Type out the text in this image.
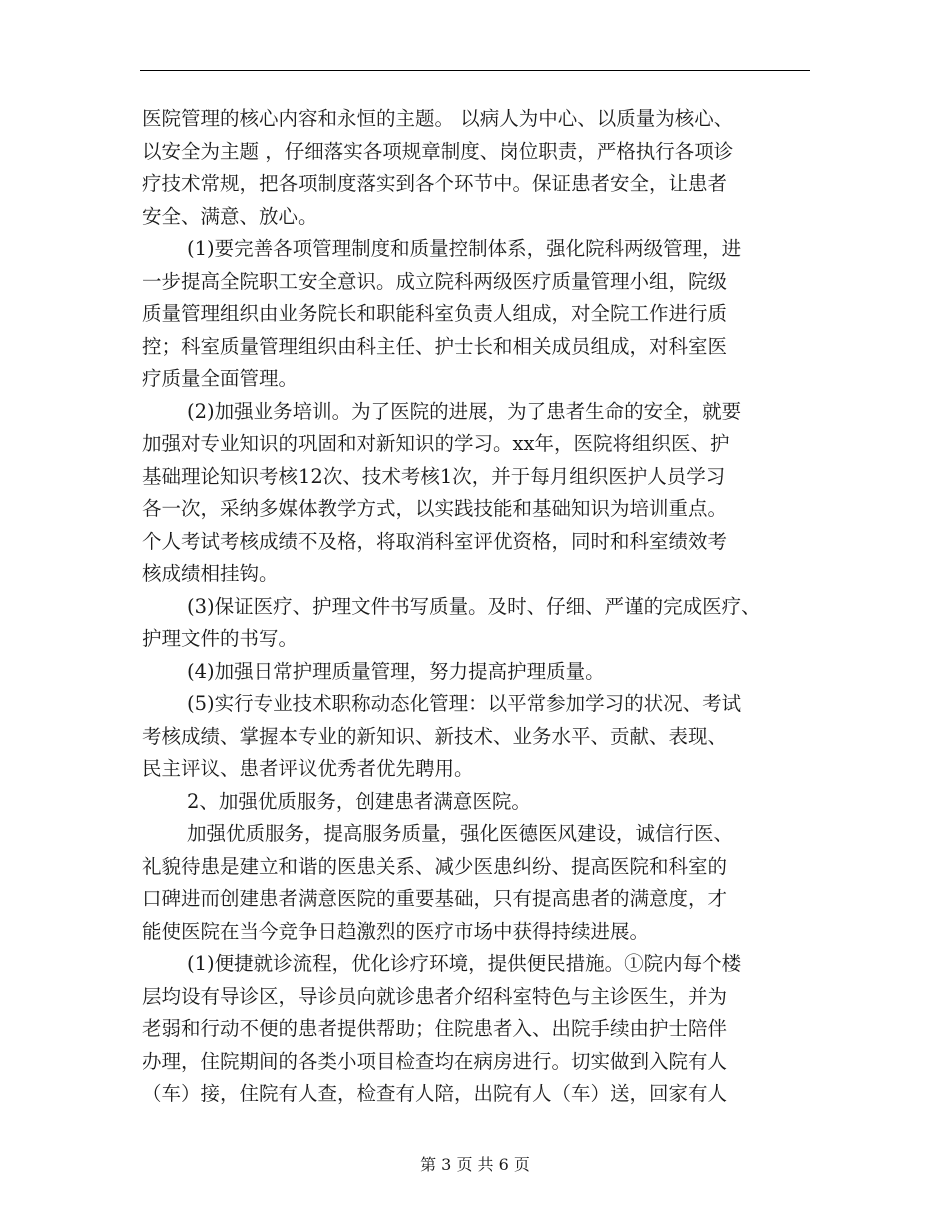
医院管理的核心内容和永恒的主题。 以病人为中心、以质量为核心、
以安全为主题 ，仔细落实各项规章制度、岗位职责，严格执行各项诊
疗技术常规，把各项制度落实到各个环节中。保证患者安全，让患者
安全、满意、放心。
(1)要完善各项管理制度和质量控制体系，强化院科两级管理，进
一步提高全院职工安全意识。成立院科两级医疗质量管理小组，院级
质量管理组织由业务院长和职能科室负责人组成，对全院工作进行质
控；科室质量管理组织由科主任、护士长和相关成员组成，对科室医
疗质量全面管理。
(2)加强业务培训。为了医院的进展，为了患者生命的安全，就要
加强对专业知识的巩固和对新知识的学习。xx年，医院将组织医、护
基础理论知识考核12次、技术考核1次，并于每月组织医护人员学习
各一次，采纳多媒体教学方式，以实践技能和基础知识为培训重点。
个人考试考核成绩不及格，将取消科室评优资格，同时和科室绩效考
核成绩相挂钩。
(3)保证医疗、护理文件书写质量。及时、仔细、严谨的完成医疗、
护理文件的书写。
(4)加强日常护理质量管理，努力提高护理质量。
(5)实行专业技术职称动态化管理：以平常参加学习的状况、考试
考核成绩、掌握本专业的新知识、新技术、业务水平、贡献、表现、
民主评议、患者评议优秀者优先聘用。
2、加强优质服务，创建患者满意医院。
加强优质服务，提高服务质量，强化医德医风建设，诚信行医、
礼貌待患是建立和谐的医患关系、减少医患纠纷、提高医院和科室的
口碑进而创建患者满意医院的重要基础，只有提高患者的满意度，才
能使医院在当今竞争日趋激烈的医疗市场中获得持续进展。
(1)便捷就诊流程，优化诊疗环境，提供便民措施。①院内每个楼
层均设有导诊区，导诊员向就诊患者介绍科室特色与主诊医生，并为
老弱和行动不便的患者提供帮助；住院患者入、出院手续由护士陪伴
办理，住院期间的各类小项目检查均在病房进行。切实做到入院有人
（车）接，住院有人查，检查有人陪，出院有人（车）送，回家有人
第 3 页 共 6 页
